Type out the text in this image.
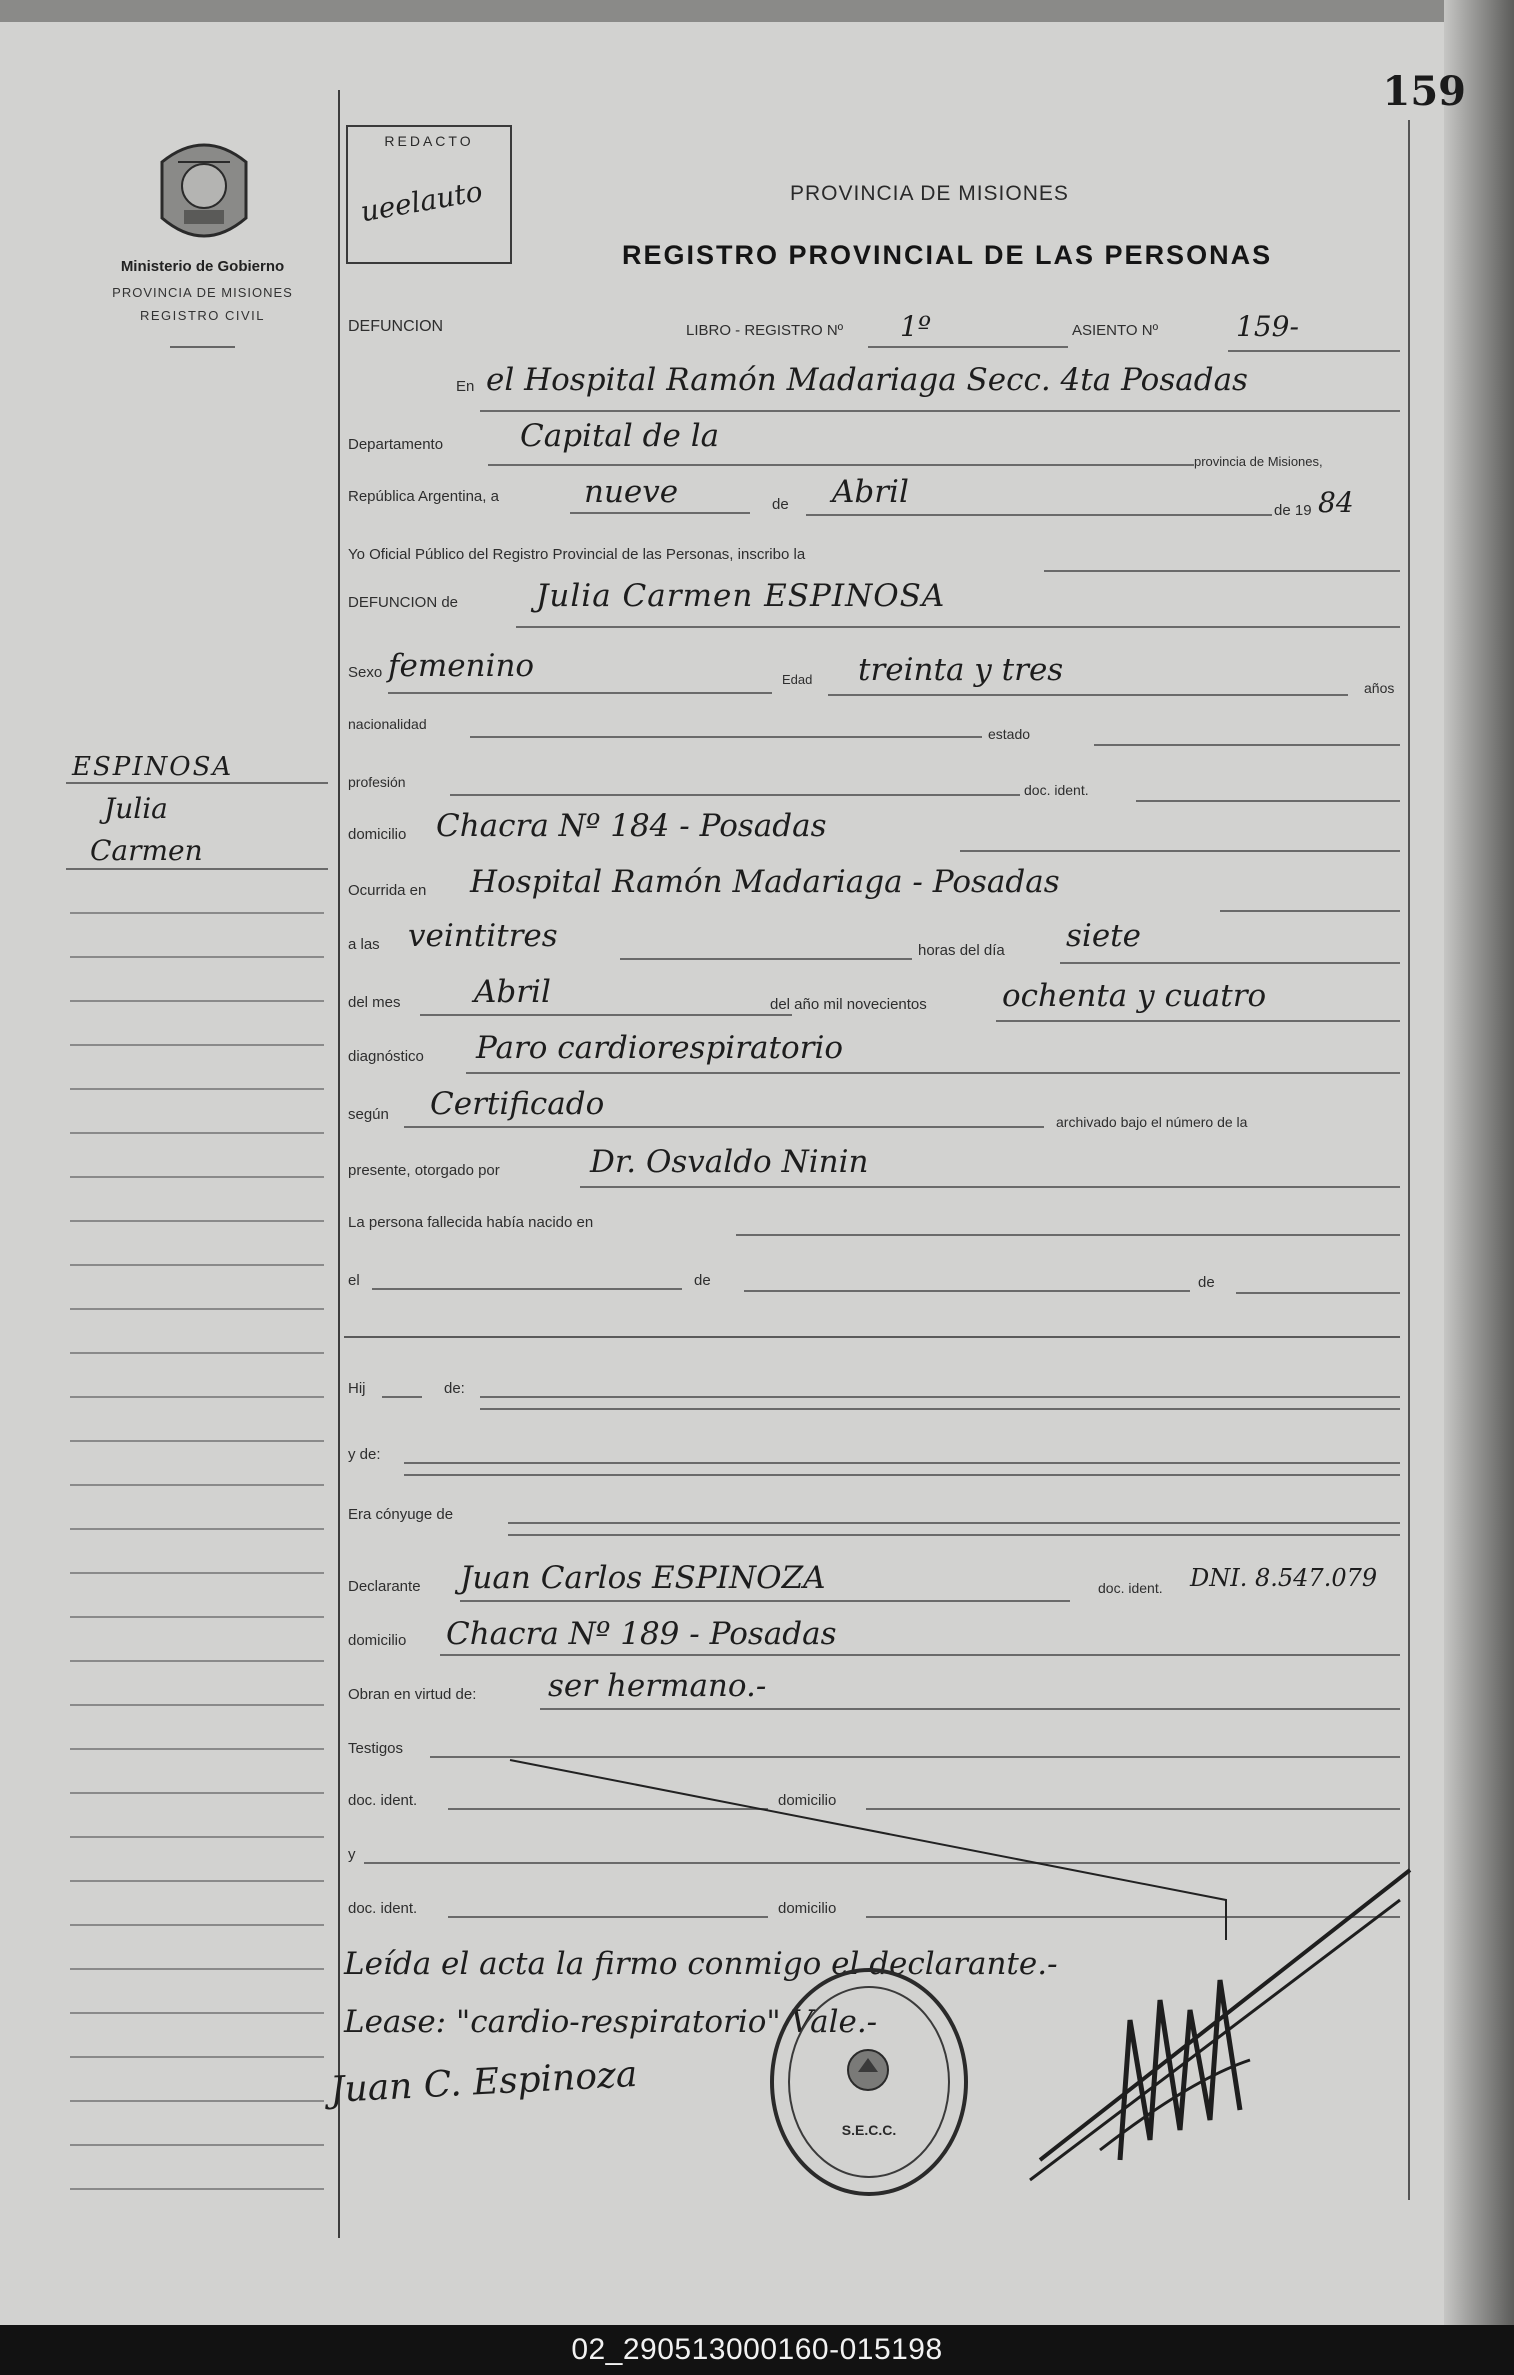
159
Ministerio de Gobierno
PROVINCIA DE MISIONES
REGISTRO CIVIL
REDACTO
ueelauto	PROVINCIA DE MISIONES
REGISTRO PROVINCIAL DE LAS PERSONAS
DEFUNCION	LIBRO - REGISTRO Nº 1º	ASIENTO Nº	159-
En el Hospital Ramón Madariaga Secc. 4ta Posadas
Departamento Capital de la
provincia de Misiones,
República Argentina, a	nueve	de Abril
de 19 84
Yo Oficial Público del Registro Provincial de las Personas, inscribo la
DEFUNCION de	Julia Carmen ESPINOSA
Sexo femenino	Edad treinta y tres	años
nacionalidad
estado
profesión	doc. ident.
domicilio Chacra Nº 184 - Posadas
Ocurrida en Hospital Ramón Madariaga - Posadas
a las veintitres	horas del día siete
del mes Abril	del año mil novecientos ochenta y cuatro
diagnóstico Paro cardiorespiratorio
según Certificado	archivado bajo el número de la
presente, otorgado por	Dr. Osvaldo Ninin
La persona fallecida había nacido en
el	de	de
Hij	de:
y de:
Era cónyuge de
Declarante Juan Carlos ESPINOZA	doc. ident. DNI. 8.547.079
domicilio Chacra Nº 189 - Posadas
Obran en virtud de: ser hermano.-
Testigos
doc. ident.	domicilio
y
doc. ident.	domicilio
Leída el acta la firmo conmigo el declarante.-
Lease: "cardio-respiratorio" Vale.-
Juan C. Espinoza
S.E.C.C.
ESPINOSA
Julia
Carmen
02_290513000160-015198
